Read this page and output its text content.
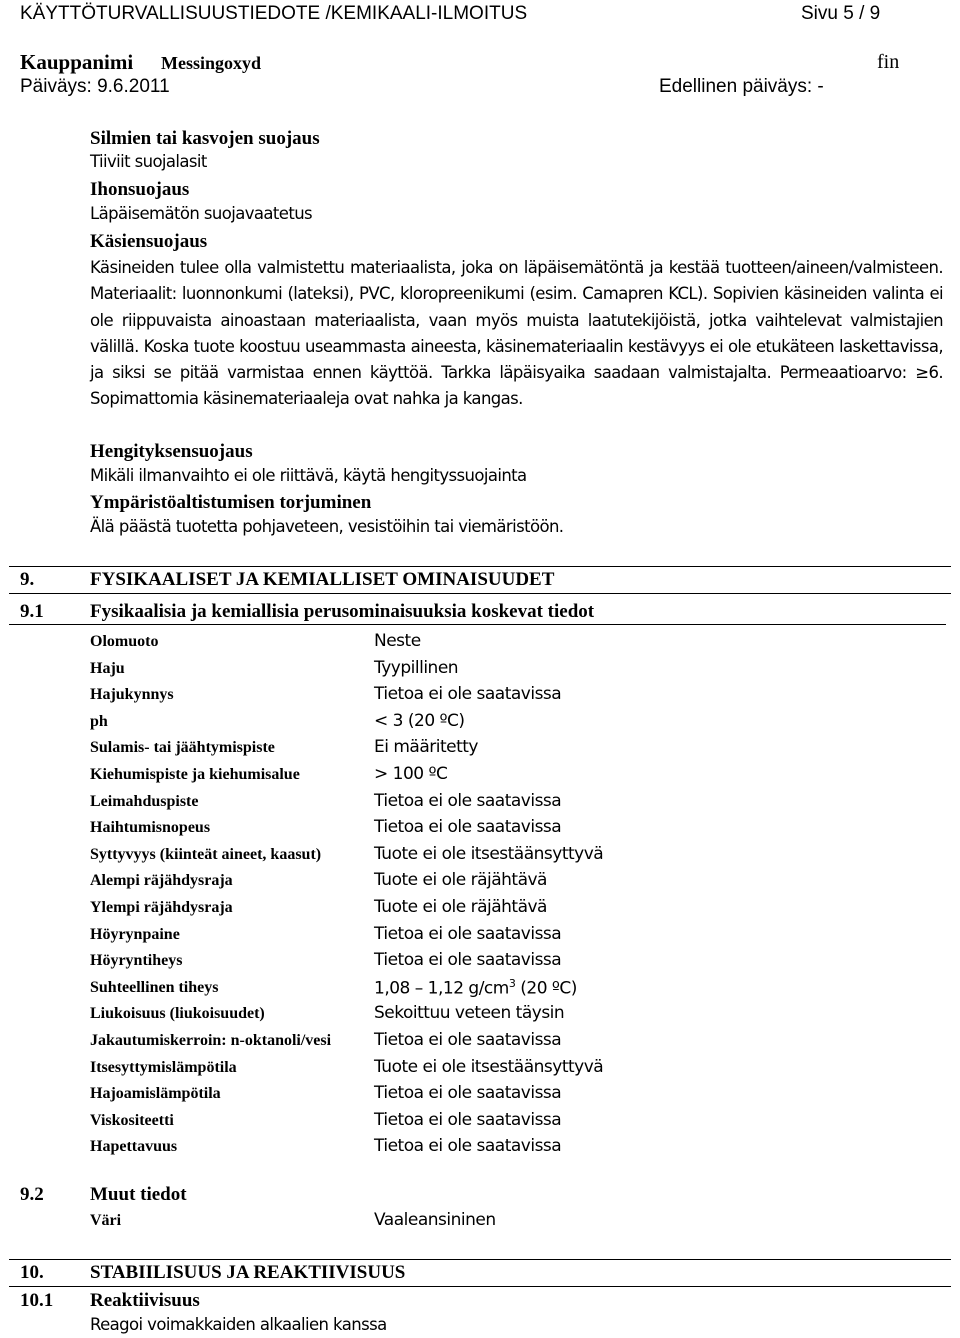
KÄYTTÖTURVALLISUUSTIEDOTE /KEMIKAALI-ILMOITUS	Sivu 5 / 9
Kauppanimi Messingoxyd	fin
Päiväys: 9.6.2011	Edellinen päiväys: -
Silmien tai kasvojen suojaus
Tiiviit suojalasit
Ihonsuojaus
Läpäisemätön suojavaatetus
Käsiensuojaus
Käsineiden tulee olla valmistettu materiaalista, joka on läpäisemätöntä ja kestää tuotteen/aineen/valmisteen. Materiaalit: luonnonkumi (lateksi), PVC, kloropreenikumi (esim. Camapren KCL). Sopivien käsineiden valinta ei ole riippuvaista ainoastaan materiaalista, vaan myös muista laatutekijöistä, jotka vaihtelevat valmistajien välillä. Koska tuote koostuu useammasta aineesta, käsinemateriaalin kestävyys ei ole etukäteen laskettavissa, ja siksi se pitää varmistaa ennen käyttöä. Tarkka läpäisyaika saadaan valmistajalta. Permeaatioarvo: ≥6. Sopimattomia käsinemateriaaleja ovat nahka ja kangas.
Hengityksensuojaus
Mikäli ilmanvaihto ei ole riittävä, käytä hengityssuojainta
Ympäristöaltistumisen torjuminen
Älä päästä tuotetta pohjaveteen, vesistöihin tai viemäristöön.
9.	FYSIKAALISET JA KEMIALLISET OMINAISUUDET
9.1 Fysikaalisia ja kemiallisia perusominaisuuksia koskevat tiedot
Olomuoto	Neste
Haju	Tyypillinen
Hajukynnys	Tietoa ei ole saatavissa
ph	< 3 (20 ºC)
Sulamis- tai jäähtymispiste	Ei määritetty
Kiehumispiste ja kiehumisalue	> 100 ºC
Leimahduspiste	Tietoa ei ole saatavissa
Haihtumisnopeus	Tietoa ei ole saatavissa
Syttyvyys (kiinteät aineet, kaasut)	Tuote ei ole itsestäänsyttyvä
Alempi räjähdysraja	Tuote ei ole räjähtävä
Ylempi räjähdysraja	Tuote ei ole räjähtävä
Höyrynpaine	Tietoa ei ole saatavissa
Höyryntiheys	Tietoa ei ole saatavissa
Suhteellinen tiheys	1,08 – 1,12 $g/cm^3$ (20 ºC)
Liukoisuus (liukoisuudet)	Sekoittuu veteen täysin
Jakautumiskerroin: n-oktanoli/vesi	Tietoa ei ole saatavissa
Itsesyttymislämpötila	Tuote ei ole itsestäänsyttyvä
Hajoamislämpötila	Tietoa ei ole saatavissa
Viskositeetti	Tietoa ei ole saatavissa
Hapettavuus	Tietoa ei ole saatavissa
9.2 Muut tiedot
Väri	Vaaleansininen
10. STABIILISUUS JA REAKTIIVISUUS
10.1 Reaktiivisuus
Reagoi voimakkaiden alkaalien kanssa
